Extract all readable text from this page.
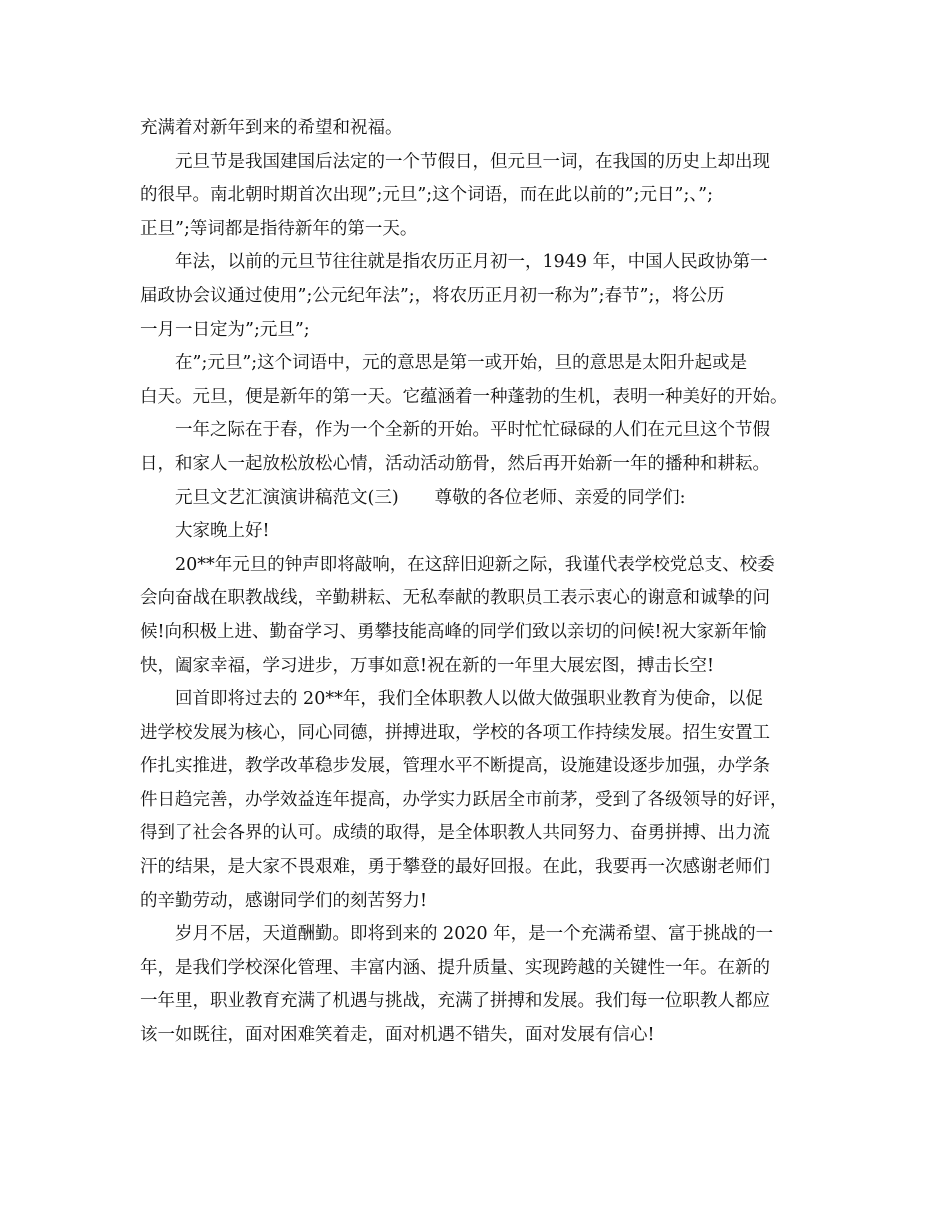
充满着对新年到来的希望和祝福。
元旦节是我国建国后法定的一个节假日，但元旦一词，在我国的历史上却出现
的很早。南北朝时期首次出现”;元旦”;这个词语，而在此以前的”;元日”;、”;
正旦”;等词都是指待新年的第一天。
年法，以前的元旦节往往就是指农历正月初一，1949 年，中国人民政协第一
届政协会议通过使用”;公元纪年法”;，将农历正月初一称为”;春节”;，将公历
一月一日定为”;元旦”;
在”;元旦”;这个词语中，元的意思是第一或开始，旦的意思是太阳升起或是
白天。元旦，便是新年的第一天。它蕴涵着一种蓬勃的生机，表明一种美好的开始。
一年之际在于春，作为一个全新的开始。平时忙忙碌碌的人们在元旦这个节假
日，和家人一起放松放松心情，活动活动筋骨，然后再开始新一年的播种和耕耘。
元旦文艺汇演演讲稿范文(三) 尊敬的各位老师、亲爱的同学们:
大家晚上好!
20**年元旦的钟声即将敲响，在这辞旧迎新之际，我谨代表学校党总支、校委
会向奋战在职教战线，辛勤耕耘、无私奉献的教职员工表示衷心的谢意和诚挚的问
候!向积极上进、勤奋学习、勇攀技能高峰的同学们致以亲切的问候!祝大家新年愉
快，阖家幸福，学习进步，万事如意!祝在新的一年里大展宏图，搏击长空!
回首即将过去的 20**年，我们全体职教人以做大做强职业教育为使命，以促
进学校发展为核心，同心同德，拼搏进取，学校的各项工作持续发展。招生安置工
作扎实推进，教学改革稳步发展，管理水平不断提高，设施建设逐步加强，办学条
件日趋完善，办学效益连年提高，办学实力跃居全市前茅，受到了各级领导的好评，
得到了社会各界的认可。成绩的取得，是全体职教人共同努力、奋勇拼搏、出力流
汗的结果，是大家不畏艰难，勇于攀登的最好回报。在此，我要再一次感谢老师们
的辛勤劳动，感谢同学们的刻苦努力!
岁月不居，天道酬勤。即将到来的 2020 年，是一个充满希望、富于挑战的一
年，是我们学校深化管理、丰富内涵、提升质量、实现跨越的关键性一年。在新的
一年里，职业教育充满了机遇与挑战，充满了拼搏和发展。我们每一位职教人都应
该一如既往，面对困难笑着走，面对机遇不错失，面对发展有信心!
